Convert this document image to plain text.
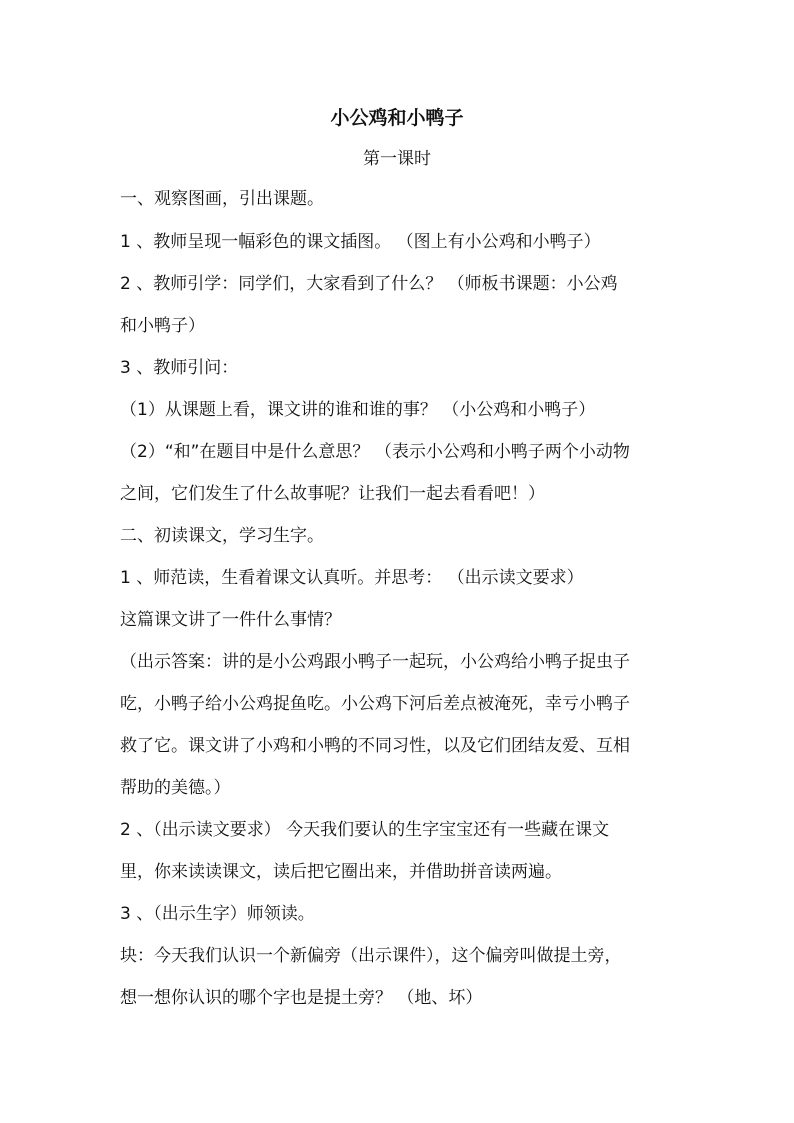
小公鸡和小鸭子
第一课时
一、观察图画，引出课题。
1 、教师呈现一幅彩色的课文插图。 （图上有小公鸡和小鸭子）
2 、教师引学：同学们，大家看到了什么？ （师板书课题：小公鸡
和小鸭子）
3 、教师引问：
（1）从课题上看，课文讲的谁和谁的事？ （小公鸡和小鸭子）
（2）“和”在题目中是什么意思？ （表示小公鸡和小鸭子两个小动物
之间，它们发生了什么故事呢？让我们一起去看看吧！）
二、初读课文，学习生字。
1 、师范读，生看着课文认真听。并思考： （出示读文要求）
这篇课文讲了一件什么事情？
（出示答案：讲的是小公鸡跟小鸭子一起玩，小公鸡给小鸭子捉虫子
吃，小鸭子给小公鸡捉鱼吃。小公鸡下河后差点被淹死，幸亏小鸭子
救了它。课文讲了小鸡和小鸭的不同习性，以及它们团结友爱、互相
帮助的美德。）
2 、（出示读文要求） 今天我们要认的生字宝宝还有一些藏在课文
里，你来读读课文，读后把它圈出来，并借助拼音读两遍。
3 、（出示生字）师领读。
块：今天我们认识一个新偏旁（出示课件），这个偏旁叫做提土旁，
想一想你认识的哪个字也是提土旁？ （地、坏）
